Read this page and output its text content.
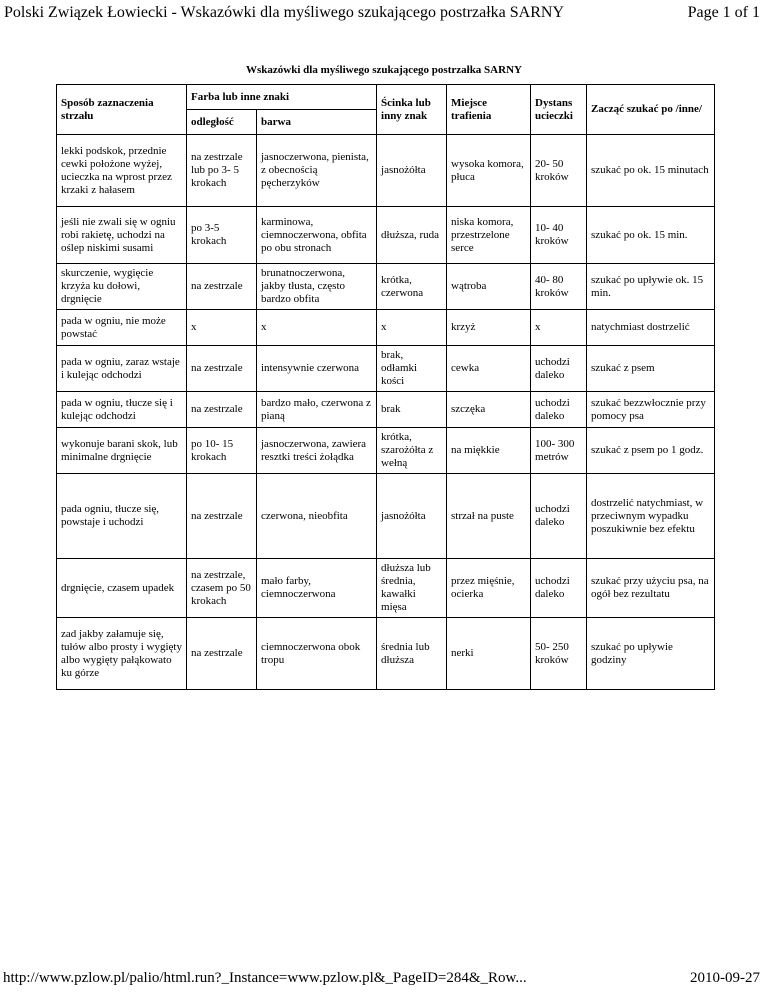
Polski Związek Łowiecki - Wskazówki dla myśliwego szukającego postrzałka SARNY	Page 1 of 1
Wskazówki dla myśliwego szukającego postrzałka SARNY
Sposób zaznaczenia strzału	Farba lub inne znaki		Ścinka lub inny znak	Miejsce trafienia	Dystans ucieczki	Zacząć szukać po /inne/
	odległość	barwa				
lekki podskok, przednie cewki położone wyżej, ucieczka na wprost przez krzaki z hałasem	na zestrzale lub po 3- 5 krokach	jasnoczerwona, pienista, z obecnością pęcherzyków	jasnożółta	wysoka komora, płuca	20- 50 kroków	szukać po ok. 15 minutach
jeśli nie zwali się w ogniu robi rakietę, uchodzi na oślep niskimi susami	po 3-5 krokach	karminowa, ciemnoczerwona, obfita po obu stronach	dłuższa, ruda	niska komora, przestrzelone serce	10- 40 kroków	szukać po ok. 15 min.
skurczenie, wygięcie krzyża ku dołowi, drgnięcie	na zestrzale	brunatnoczerwona, jakby tłusta, często bardzo obfita	krótka, czerwona	wątroba	40- 80 kroków	szukać po upływie ok. 15 min.
pada w ogniu, nie może powstać	x	x	x	krzyż	x	natychmiast dostrzelić
pada w ogniu, zaraz wstaje i kulejąc odchodzi	na zestrzale	intensywnie czerwona	brak, odłamki kości	cewka	uchodzi daleko	szukać z psem
pada w ogniu, tłucze się i kulejąc odchodzi	na zestrzale	bardzo mało, czerwona z pianą	brak	szczęka	uchodzi daleko	szukać bezzwłocznie przy pomocy psa
wykonuje barani skok, lub minimalne drgnięcie	po 10- 15 krokach	jasnoczerwona, zawiera resztki treści żołądka	krótka, szarożółta z wełną	na miękkie	100- 300 metrów	szukać z psem po 1 godz.
pada ogniu, tłucze się, powstaje i uchodzi	na zestrzale	czerwona, nieobfita	jasnożółta	strzał na puste	uchodzi daleko	dostrzelić natychmiast, w przeciwnym wypadku poszukiwnie bez efektu
drgnięcie, czasem upadek	na zestrzale, czasem po 50 krokach	mało farby, ciemnoczerwona	dłuższa lub średnia, kawałki mięsa	przez mięśnie, ocierka	uchodzi daleko	szukać przy użyciu psa, na ogół bez rezultatu
zad jakby załamuje się, tułów albo prosty i wygięty albo wygięty pałąkowato ku górze	na zestrzale	ciemnoczerwona obok tropu	średnia lub dłuższa	nerki	50- 250 kroków	szukać po upływie godziny
http://www.pzlow.pl/palio/html.run?_Instance=www.pzlow.pl&_PageID=284&_Row...	2010-09-27
